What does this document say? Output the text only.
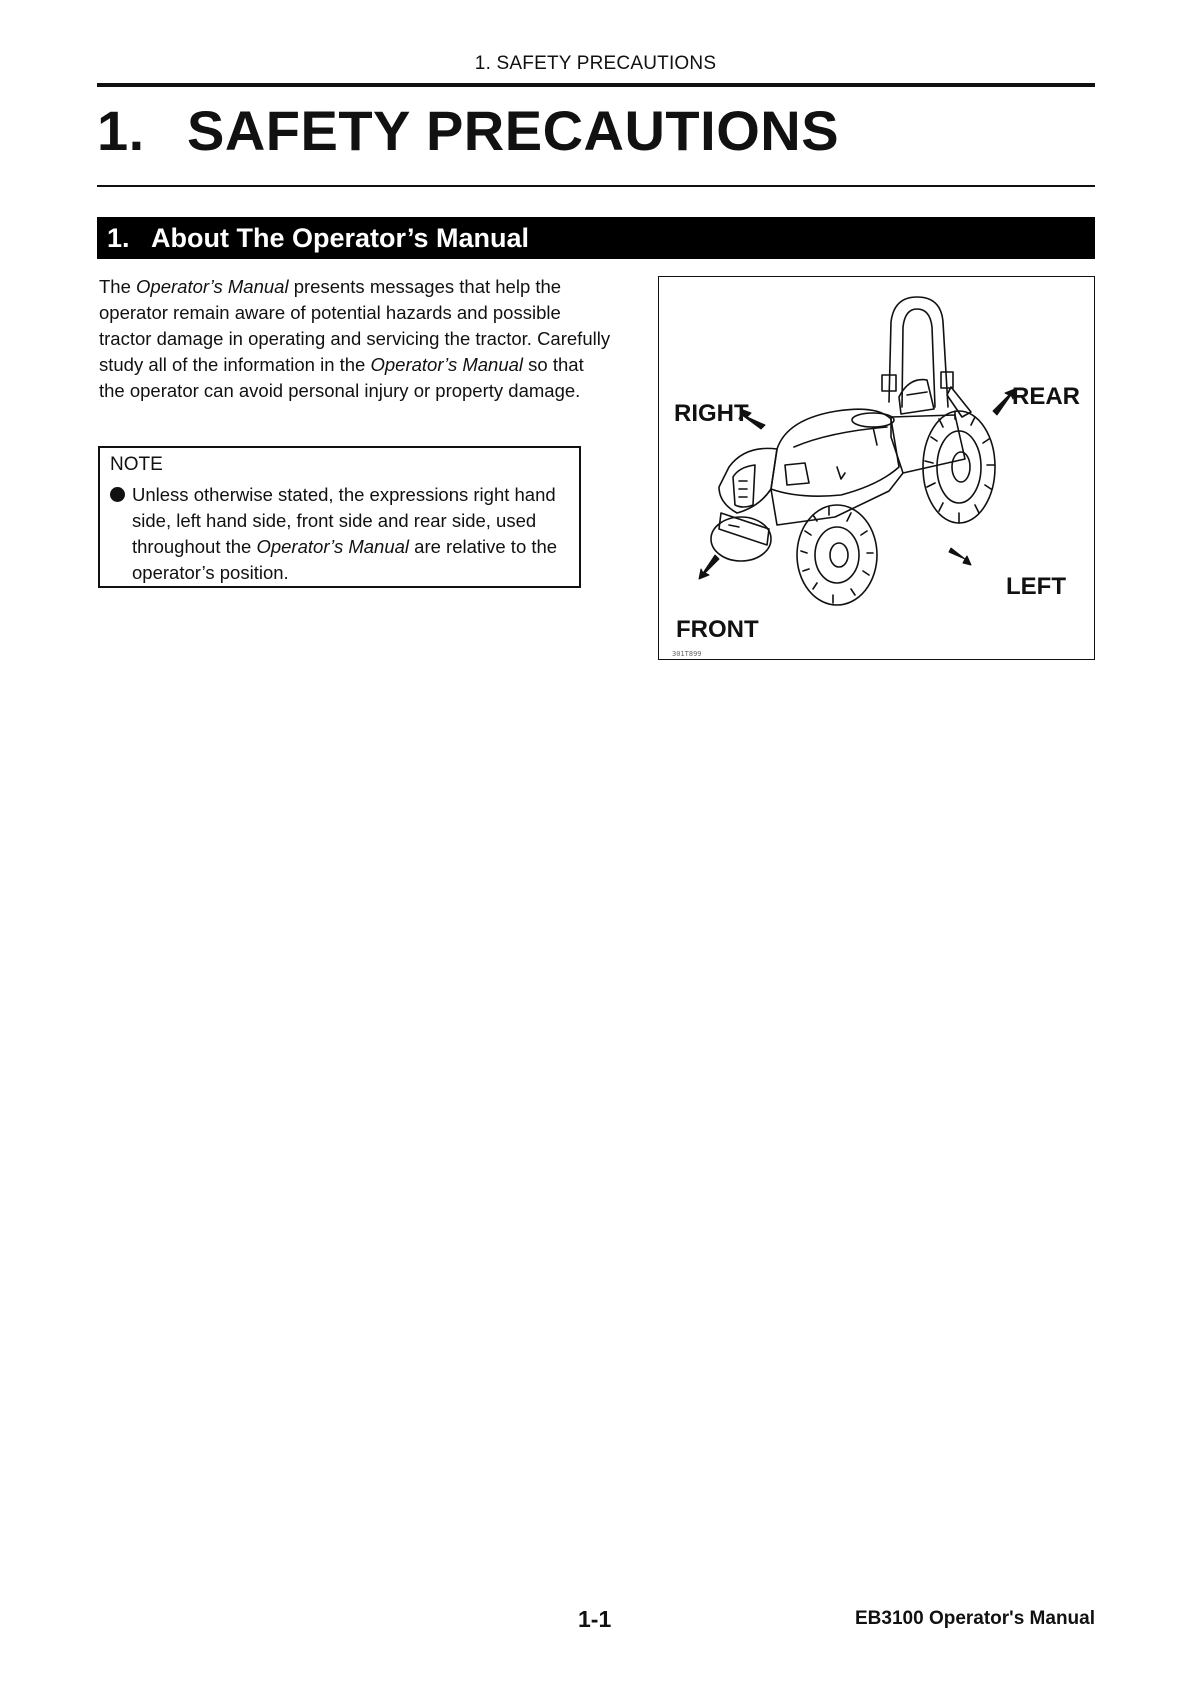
1. SAFETY PRECAUTIONS
1. SAFETY PRECAUTIONS
1. About The Operator’s Manual

The Operator’s Manual presents messages that help the operator remain aware of potential hazards and possible tractor damage in operating and servicing the tractor. Carefully study all of the information in the Operator’s Manual so that the operator can avoid personal injury or property damage.

NOTE
Unless otherwise stated, the expressions right hand side, left hand side, front side and rear side, used throughout the Operator’s Manual are relative to the operator’s position.
RIGHT
REAR
LEFT
FRONT
301T899
1-1	EB3100 Operator's Manual
